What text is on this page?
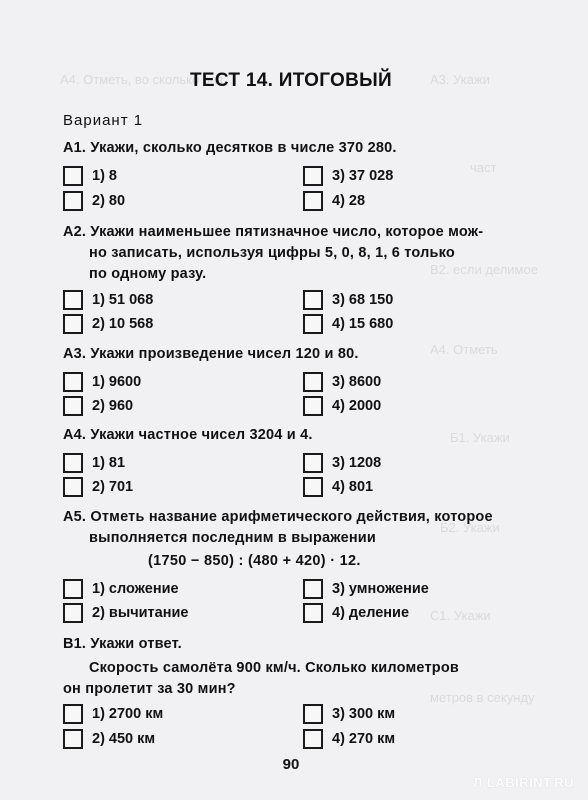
А4. Отметь, во сколько раз	А3. Укажи
част
В2. если делимое
А4. Отметь
Б1. Укажи
Б2. Укажи
С1. Укажи
метров в секунду
ТЕСТ 14. ИТОГОВЫЙ
Вариант 1
А1. Укажи, сколько десятков в числе 370 280.
1) 8	3) 37 028
2) 80	4) 28
А2. Укажи наименьшее пятизначное число, которое мож-
но записать, используя цифры 5, 0, 8, 1, 6 только
по одному разу.
1) 51 068	3) 68 150
2) 10 568	4) 15 680
А3. Укажи произведение чисел 120 и 80.
1) 9600	3) 8600
2) 960	4) 2000
А4. Укажи частное чисел 3204 и 4.
1) 81	3) 1208
2) 701	4) 801
А5. Отметь название арифметического действия, которое
выполняется последним в выражении
(1750 − 850) : (480 + 420) · 12.
1) сложение	3) умножение
2) вычитание	4) деление
В1. Укажи ответ.
Скорость самолёта 900 км/ч. Сколько километров
он пролетит за 30 мин?
1) 2700 км	3) 300 км
2) 450 км	4) 270 км
90
Л LABIRINT.RU
